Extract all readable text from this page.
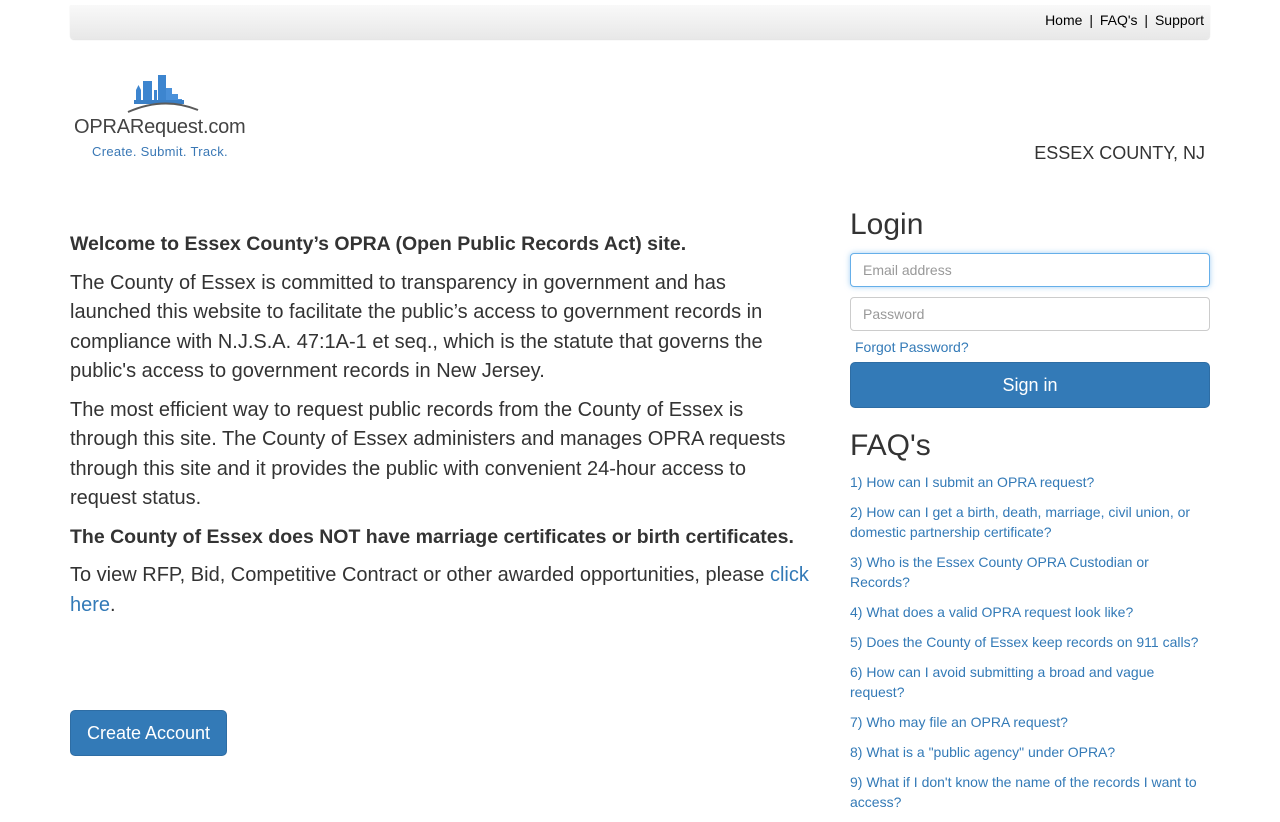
Home | FAQ's | Support
OPRARequest.com
Create. Submit. Track.	ESSEX COUNTY, NJ

Welcome to Essex County’s OPRA (Open Public Records Act) site.

The County of Essex is committed to transparency in government and has launched this website to facilitate the public’s access to government records in compliance with N.J.S.A. 47:1A-1 et seq., which is the statute that governs the public's access to government records in New Jersey.

The most efficient way to request public records from the County of Essex is through this site. The County of Essex administers and manages OPRA requests through this site and it provides the public with convenient 24-hour access to request status.

The County of Essex does NOT have marriage certificates or birth certificates.

To view RFP, Bid, Competitive Contract or other awarded opportunities, please click here.

Create Account
Login
Email address
Forgot Password?
Sign in
FAQ's
1) How can I submit an OPRA request?
2) How can I get a birth, death, marriage, civil union, or domestic partnership certificate?
3) Who is the Essex County OPRA Custodian or Records?
4) What does a valid OPRA request look like?
5) Does the County of Essex keep records on 911 calls?
6) How can I avoid submitting a broad and vague request?
7) Who may file an OPRA request?
8) What is a "public agency" under OPRA?
9) What if I don't know the name of the records I want to access?
